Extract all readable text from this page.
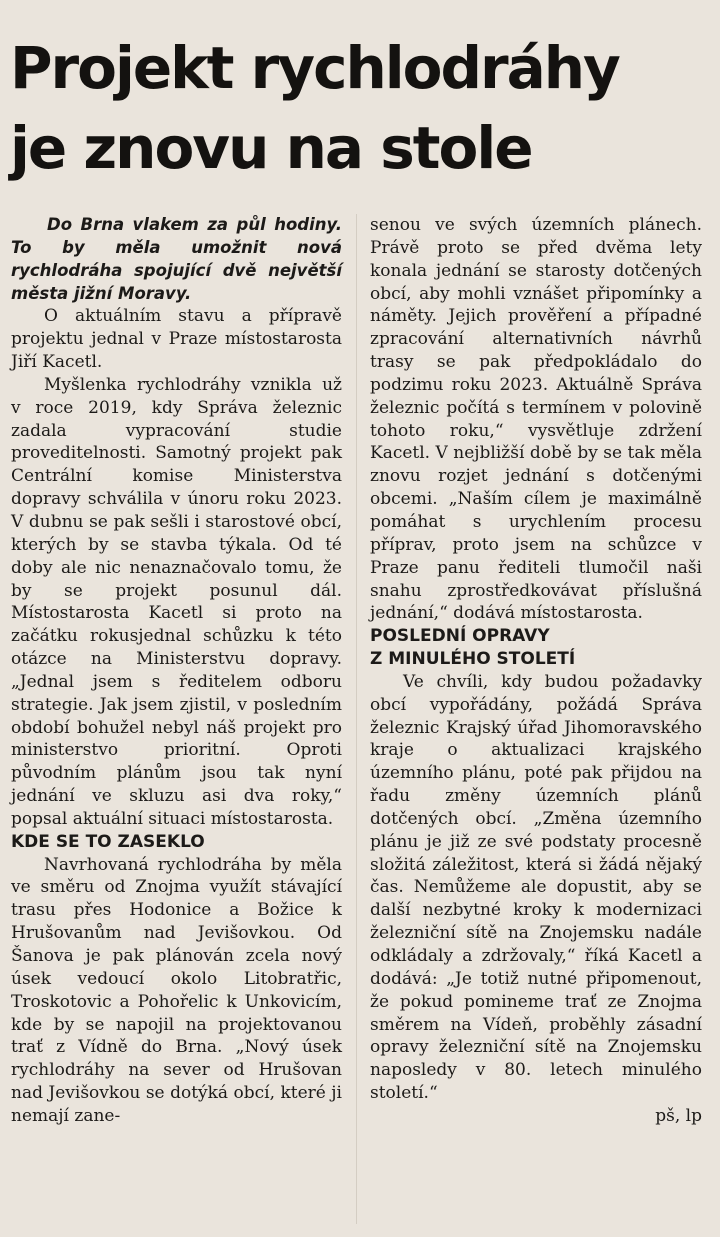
Projekt rychlodráhy
je znovu na stole

Do Brna vlakem za půl hodiny. To by měla umožnit nová rychlodráha spojující dvě největší města jižní Moravy.

O aktuálním stavu a přípravě projektu jednal v Praze místostarosta Jiří Kacetl.

Myšlenka rychlodráhy vznikla už v roce 2019, kdy Správa železnic zadala vypracování studie proveditelnosti. Samotný projekt pak Centrální komise Ministerstva dopravy schválila v únoru roku 2023. V dubnu se pak sešli i starostové obcí, kterých by se stavba týkala. Od té doby ale nic nenaznačovalo tomu, že by se projekt posunul dál. Místostarosta Kacetl si proto na začátku rokusjednal schůzku k této otázce na Ministerstvu dopravy. „Jednal jsem s ředitelem odboru strategie. Jak jsem zjistil, v posledním období bohužel nebyl náš projekt pro ministerstvo prioritní. Oproti původním plánům jsou tak nyní jednání ve skluzu asi dva roky,“ popsal aktuální situaci místostarosta.

KDE SE TO ZASEKLO

Navrhovaná rychlodráha by měla ve směru od Znojma využít stávající trasu přes Hodonice a Božice k Hrušovanům nad Jevišovkou. Od Šanova je pak plánován zcela nový úsek vedoucí okolo Litobratřic, Troskotovic a Pohořelic k Unkovicím, kde by se napojil na projektovanou trať z Vídně do Brna. „Nový úsek rychlodráhy na sever od Hrušovan nad Jevišovkou se dotýká obcí, které ji nemají zane-

senou ve svých územních plánech. Právě proto se před dvěma lety konala jednání se starosty dotčených obcí, aby mohli vznášet připomínky a náměty. Jejich prověření a případné zpracování alternativních návrhů trasy se pak předpokládalo do podzimu roku 2023. Aktuálně Správa železnic počítá s termínem v polovině tohoto roku,“ vysvětluje zdržení Kacetl. V nejbližší době by se tak měla znovu rozjet jednání s dotčenými obcemi. „Naším cílem je maximálně pomáhat s urychlením procesu příprav, proto jsem na schůzce v Praze panu řediteli tlumočil naši snahu zprostředkovávat příslušná jednání,“ dodává místostarosta.

POSLEDNÍ OPRAVY
Z MINULÉHO STOLETÍ

Ve chvíli, kdy budou požadavky obcí vypořádány, požádá Správa železnic Krajský úřad Jihomoravského kraje o aktualizaci krajského územního plánu, poté pak přijdou na řadu změny územních plánů dotčených obcí. „Změna územního plánu je již ze své podstaty procesně složitá záležitost, která si žádá nějaký čas. Nemůžeme ale dopustit, aby se další nezbytné kroky k modernizaci železniční sítě na Znojemsku nadále odkládaly a zdržovaly,“ říká Kacetl a dodává: „Je totiž nutné připomenout, že pokud pomineme trať ze Znojma směrem na Vídeň, proběhly zásadní opravy železniční sítě na Znojemsku naposledy v 80. letech minulého století.“

pš, lp
